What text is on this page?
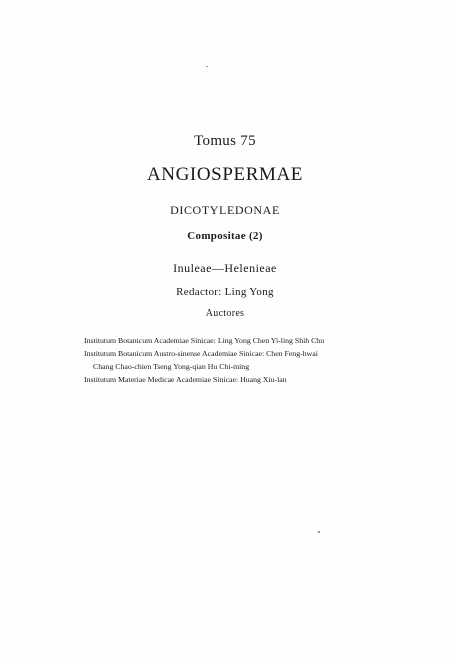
Tomus 75
ANGIOSPERMAE
DICOTYLEDONAE
Compositae (2)
Inuleae—Helenieae
Redactor: Ling Yong
Auctores
Institutum Botanicum Academiae Sinicae: Ling Yong Chen Yi-ling Shih Chu
Institutum Botanicum Austro-sinense Academiae Sinicae: Chen Feng-hwai
Chang Chao-chien Tseng Yong-qian Hu Chi-ming
Institutum Materiae Medicae Academiae Sinicae: Huang Xiu-lan
